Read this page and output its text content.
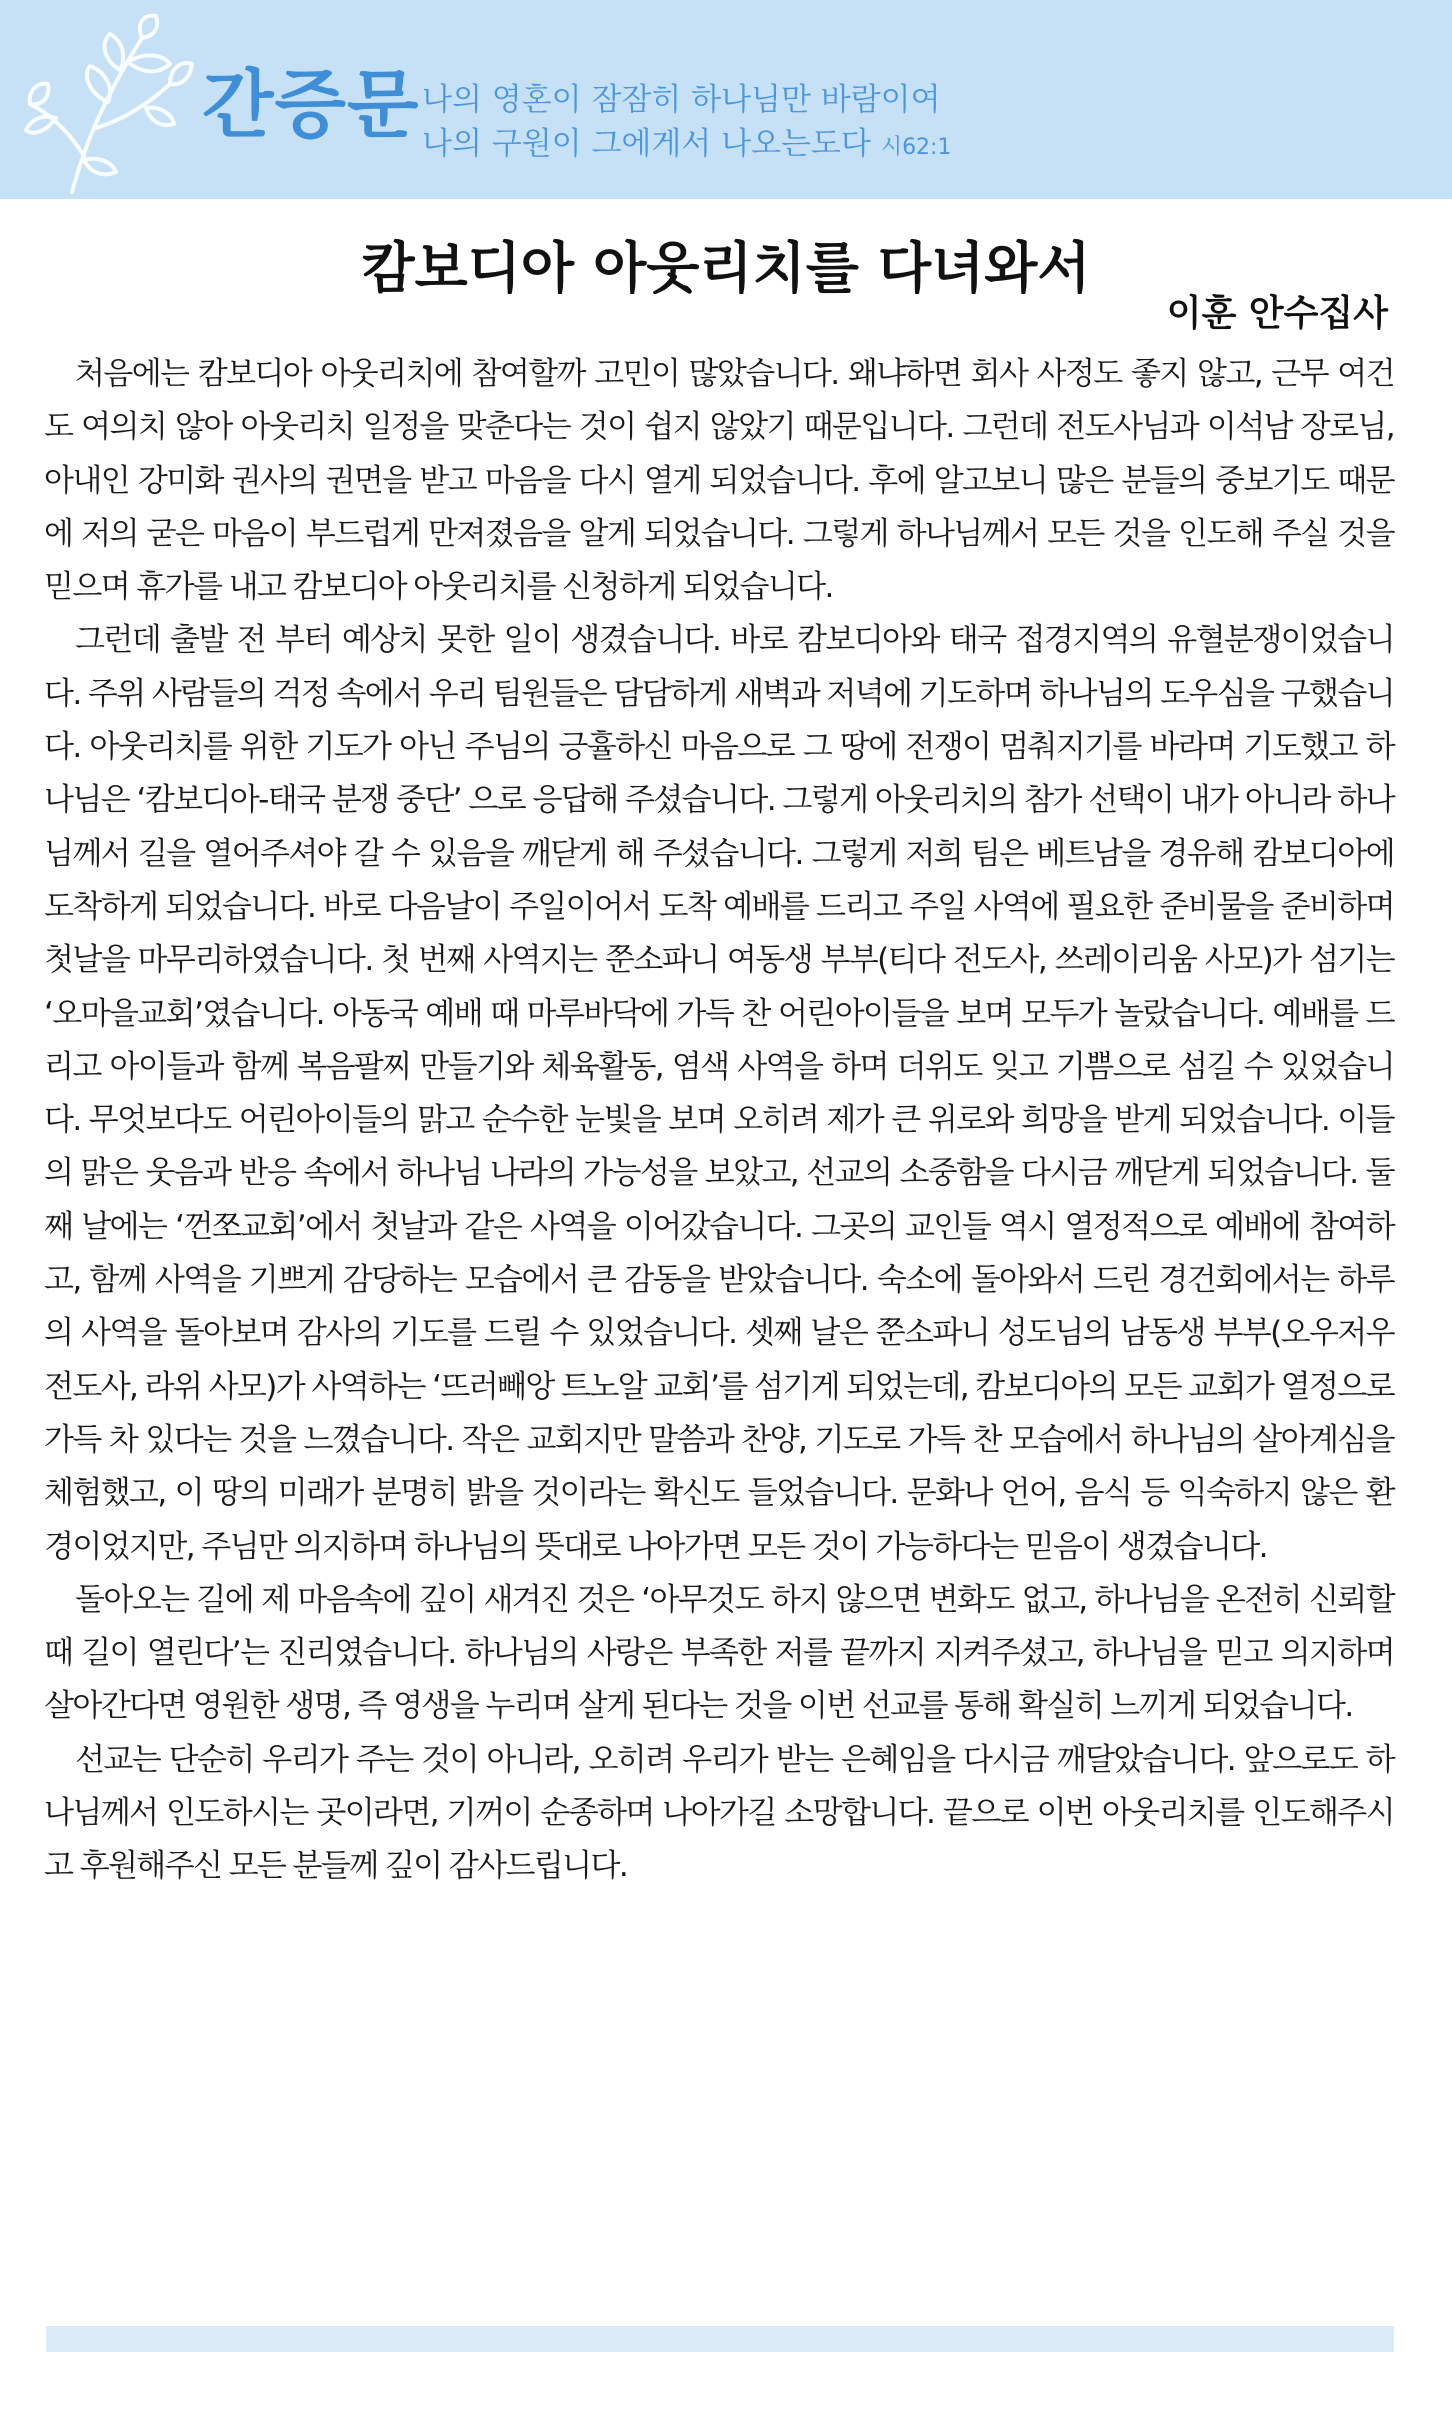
간증문 나의 영혼이 잠잠히 하나님만 바람이여
나의 구원이 그에게서 나오는도다 시62:1
캄보디아 아웃리치를 다녀와서
이훈 안수집사

처음에는 캄보디아 아웃리치에 참여할까 고민이 많았습니다. 왜냐하면 회사 사정도 좋지 않고, 근무 여건도 여의치 않아 아웃리치 일정을 맞춘다는 것이 쉽지 않았기 때문입니다. 그런데 전도사님과 이석남 장로님, 아내인 강미화 권사의 권면을 받고 마음을 다시 열게 되었습니다. 후에 알고보니 많은 분들의 중보기도 때문에 저의 굳은 마음이 부드럽게 만져졌음을 알게 되었습니다. 그렇게 하나님께서 모든 것을 인도해 주실 것을 믿으며 휴가를 내고 캄보디아 아웃리치를 신청하게 되었습니다.

그런데 출발 전 부터 예상치 못한 일이 생겼습니다. 바로 캄보디아와 태국 접경지역의 유혈분쟁이었습니다. 주위 사람들의 걱정 속에서 우리 팀원들은 담담하게 새벽과 저녁에 기도하며 하나님의 도우심을 구했습니다. 아웃리치를 위한 기도가 아닌 주님의 긍휼하신 마음으로 그 땅에 전쟁이 멈춰지기를 바라며 기도했고 하나님은 ‘캄보디아-태국 분쟁 중단’ 으로 응답해 주셨습니다. 그렇게 아웃리치의 참가 선택이 내가 아니라 하나님께서 길을 열어주셔야 갈 수 있음을 깨닫게 해 주셨습니다. 그렇게 저희 팀은 베트남을 경유해 캄보디아에 도착하게 되었습니다. 바로 다음날이 주일이어서 도착 예배를 드리고 주일 사역에 필요한 준비물을 준비하며 첫날을 마무리하였습니다. 첫 번째 사역지는 쭌소파니 여동생 부부(티다 전도사, 쓰레이리움 사모)가 섬기는 ‘오마을교회’였습니다. 아동국 예배 때 마루바닥에 가득 찬 어린아이들을 보며 모두가 놀랐습니다. 예배를 드리고 아이들과 함께 복음팔찌 만들기와 체육활동, 염색 사역을 하며 더위도 잊고 기쁨으로 섬길 수 있었습니다. 무엇보다도 어린아이들의 맑고 순수한 눈빛을 보며 오히려 제가 큰 위로와 희망을 받게 되었습니다. 이들의 맑은 웃음과 반응 속에서 하나님 나라의 가능성을 보았고, 선교의 소중함을 다시금 깨닫게 되었습니다. 둘째 날에는 ‘껀쪼교회’에서 첫날과 같은 사역을 이어갔습니다. 그곳의 교인들 역시 열정적으로 예배에 참여하고, 함께 사역을 기쁘게 감당하는 모습에서 큰 감동을 받았습니다. 숙소에 돌아와서 드린 경건회에서는 하루의 사역을 돌아보며 감사의 기도를 드릴 수 있었습니다. 셋째 날은 쭌소파니 성도님의 남동생 부부(오우저우 전도사, 라위 사모)가 사역하는 ‘뜨러빼앙 트노알 교회’를 섬기게 되었는데, 캄보디아의 모든 교회가 열정으로 가득 차 있다는 것을 느꼈습니다. 작은 교회지만 말씀과 찬양, 기도로 가득 찬 모습에서 하나님의 살아계심을 체험했고, 이 땅의 미래가 분명히 밝을 것이라는 확신도 들었습니다. 문화나 언어, 음식 등 익숙하지 않은 환경이었지만, 주님만 의지하며 하나님의 뜻대로 나아가면 모든 것이 가능하다는 믿음이 생겼습니다.

돌아오는 길에 제 마음속에 깊이 새겨진 것은 ‘아무것도 하지 않으면 변화도 없고, 하나님을 온전히 신뢰할 때 길이 열린다’는 진리였습니다. 하나님의 사랑은 부족한 저를 끝까지 지켜주셨고, 하나님을 믿고 의지하며 살아간다면 영원한 생명, 즉 영생을 누리며 살게 된다는 것을 이번 선교를 통해 확실히 느끼게 되었습니다.

선교는 단순히 우리가 주는 것이 아니라, 오히려 우리가 받는 은혜임을 다시금 깨달았습니다. 앞으로도 하나님께서 인도하시는 곳이라면, 기꺼이 순종하며 나아가길 소망합니다. 끝으로 이번 아웃리치를 인도해주시고 후원해주신 모든 분들께 깊이 감사드립니다.
